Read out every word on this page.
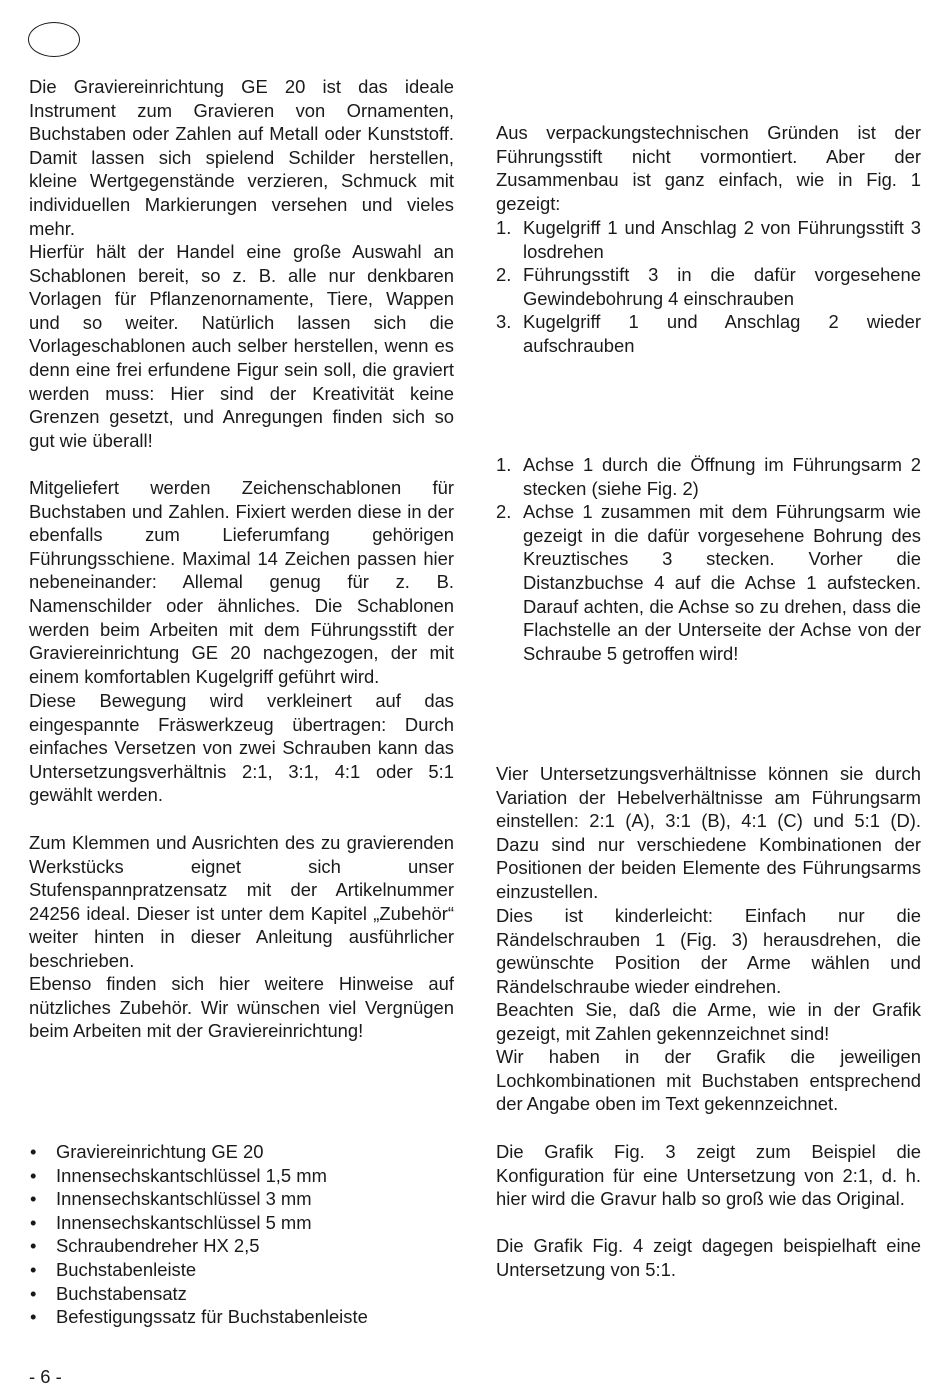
Die Graviereinrichtung GE 20 ist das ideale Instrument zum Gravieren von Ornamenten, Buchstaben oder Zahlen auf Metall oder Kunststoff. Damit lassen sich spielend Schilder herstellen, kleine Wertgegenstände verzieren, Schmuck mit individuellen Markierungen versehen und vieles mehr.

Hierfür hält der Handel eine große Auswahl an Schablonen bereit, so z. B. alle nur denkbaren Vorlagen für Pflanzenornamente, Tiere, Wappen und so weiter. Natürlich lassen sich die Vorlageschablonen auch selber herstellen, wenn es denn eine frei erfundene Figur sein soll, die graviert werden muss: Hier sind der Kreativität keine Grenzen gesetzt, und Anregungen finden sich so gut wie überall!

Mitgeliefert werden Zeichenschablonen für Buchstaben und Zahlen. Fixiert werden diese in der ebenfalls zum Lieferumfang gehörigen Führungsschiene. Maximal 14 Zeichen passen hier nebeneinander: Allemal genug für z. B. Namenschilder oder ähnliches. Die Schablonen werden beim Arbeiten mit dem Führungsstift der Graviereinrichtung GE 20 nachgezogen, der mit einem komfortablen Kugelgriff geführt wird.

Diese Bewegung wird verkleinert auf das eingespannte Fräswerkzeug übertragen: Durch einfaches Versetzen von zwei Schrauben kann das Untersetzungsverhältnis 2:1, 3:1, 4:1 oder 5:1 gewählt werden.

Zum Klemmen und Ausrichten des zu gravierenden Werkstücks eignet sich unser Stufenspannpratzensatz mit der Artikelnummer 24256 ideal. Dieser ist unter dem Kapitel „Zubehör“ weiter hinten in dieser Anleitung ausführlicher beschrieben.

Ebenso finden sich hier weitere Hinweise auf nützliches Zubehör. Wir wünschen viel Vergnügen beim Arbeiten mit der Graviereinrichtung!

• Graviereinrichtung GE 20
• Innensechskantschlüssel 1,5 mm
• Innensechskantschlüssel 3 mm
• Innensechskantschlüssel 5 mm
• Schraubendreher HX 2,5
• Buchstabenleiste
• Buchstabensatz
• Befestigungssatz für Buchstabenleiste

Aus verpackungstechnischen Gründen ist der Führungsstift nicht vormontiert. Aber der Zusammenbau ist ganz einfach, wie in Fig. 1 gezeigt:

1. Kugelgriff 1 und Anschlag 2 von Führungsstift 3 losdrehen
2. Führungsstift 3 in die dafür vorgesehene Gewindebohrung 4 einschrauben
3. Kugelgriff 1 und Anschlag 2 wieder aufschrauben
1. Achse 1 durch die Öffnung im Führungsarm 2 stecken (siehe Fig. 2)
2. Achse 1 zusammen mit dem Führungsarm wie gezeigt in die dafür vorgesehene Bohrung des Kreuztisches 3 stecken. Vorher die Distanzbuchse 4 auf die Achse 1 aufstecken. Darauf achten, die Achse so zu drehen, dass die Flachstelle an der Unterseite der Achse von der Schraube 5 getroffen wird!

Vier Untersetzungsverhältnisse können sie durch Variation der Hebelverhältnisse am Führungsarm einstellen: 2:1 (A), 3:1 (B), 4:1 (C) und 5:1 (D). Dazu sind nur verschiedene Kombinationen der Positionen der beiden Elemente des Führungsarms einzustellen.

Dies ist kinderleicht: Einfach nur die Rändelschrauben 1 (Fig. 3) herausdrehen, die gewünschte Position der Arme wählen und Rändelschraube wieder eindrehen.

Beachten Sie, daß die Arme, wie in der Grafik gezeigt, mit Zahlen gekennzeichnet sind!

Wir haben in der Grafik die jeweiligen Lochkombinationen mit Buchstaben entsprechend der Angabe oben im Text gekennzeichnet.

Die Grafik Fig. 3 zeigt zum Beispiel die Konfiguration für eine Untersetzung von 2:1, d. h. hier wird die Gravur halb so groß wie das Original.

Die Grafik Fig. 4 zeigt dagegen beispielhaft eine Untersetzung von 5:1.

- 6 -
